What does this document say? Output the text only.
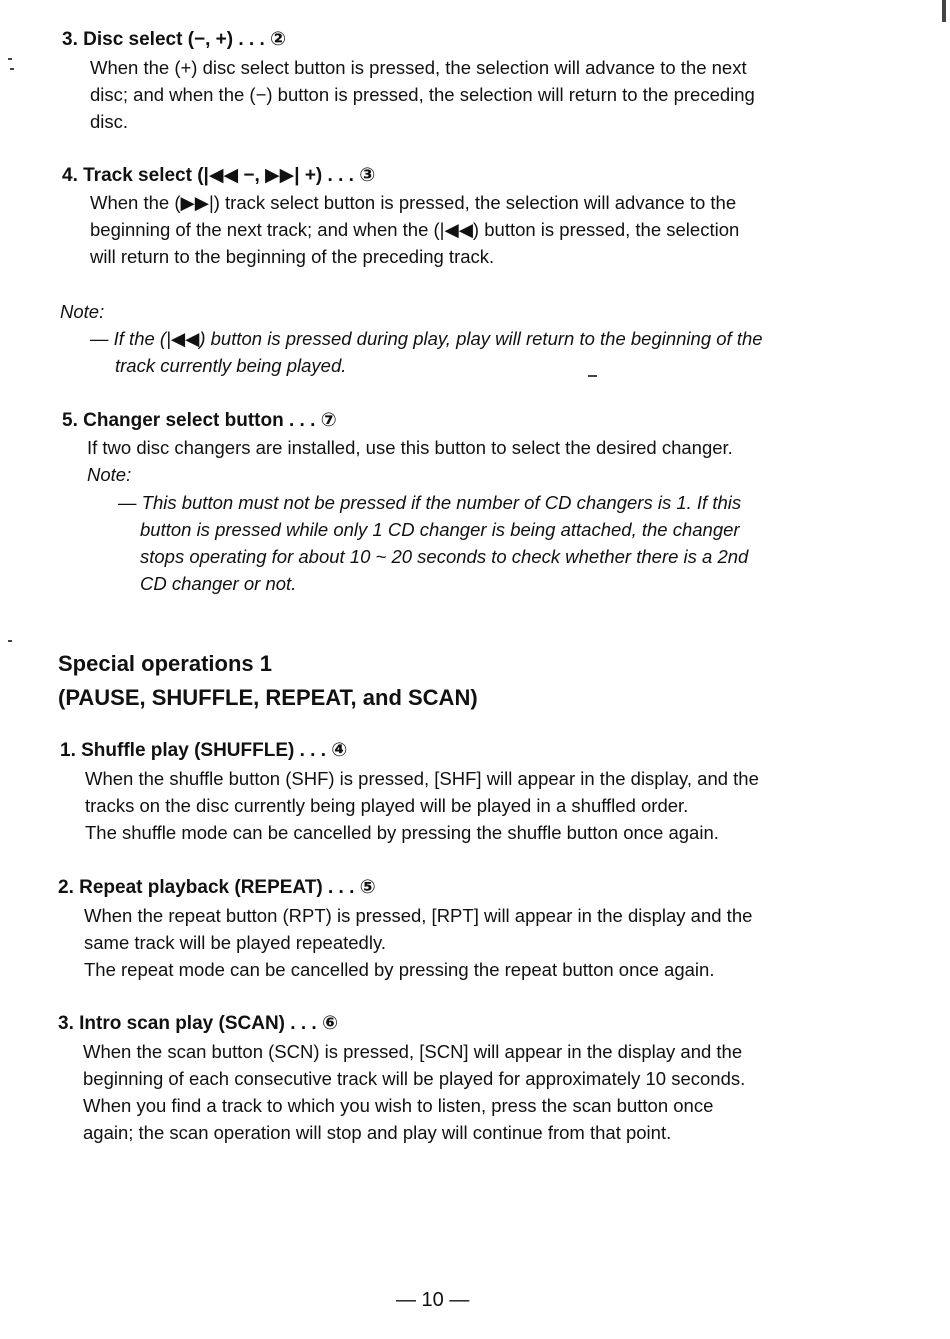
3. Disc select (−, +) . . . ②
When the (+) disc select button is pressed, the selection will advance to the next
disc; and when the (−) button is pressed, the selection will return to the preceding
disc.
4. Track select (|◀◀ −, ▶▶| +) . . . ③
When the (▶▶|) track select button is pressed, the selection will advance to the
beginning of the next track; and when the (|◀◀) button is pressed, the selection
will return to the beginning of the preceding track.
Note:
— If the (|◀◀) button is pressed during play, play will return to the beginning of the
track currently being played.
5. Changer select button . . . ⑦
If two disc changers are installed, use this button to select the desired changer.
Note:
— This button must not be pressed if the number of CD changers is 1. If this
button is pressed while only 1 CD changer is being attached, the changer
stops operating for about 10 ~ 20 seconds to check whether there is a 2nd
CD changer or not.
Special operations 1
(PAUSE, SHUFFLE, REPEAT, and SCAN)
1. Shuffle play (SHUFFLE) . . . ④
When the shuffle button (SHF) is pressed, [SHF] will appear in the display, and the
tracks on the disc currently being played will be played in a shuffled order.
The shuffle mode can be cancelled by pressing the shuffle button once again.
2. Repeat playback (REPEAT) . . . ⑤
When the repeat button (RPT) is pressed, [RPT] will appear in the display and the
same track will be played repeatedly.
The repeat mode can be cancelled by pressing the repeat button once again.
3. Intro scan play (SCAN) . . . ⑥
When the scan button (SCN) is pressed, [SCN] will appear in the display and the
beginning of each consecutive track will be played for approximately 10 seconds.
When you find a track to which you wish to listen, press the scan button once
again; the scan operation will stop and play will continue from that point.
— 10 —
